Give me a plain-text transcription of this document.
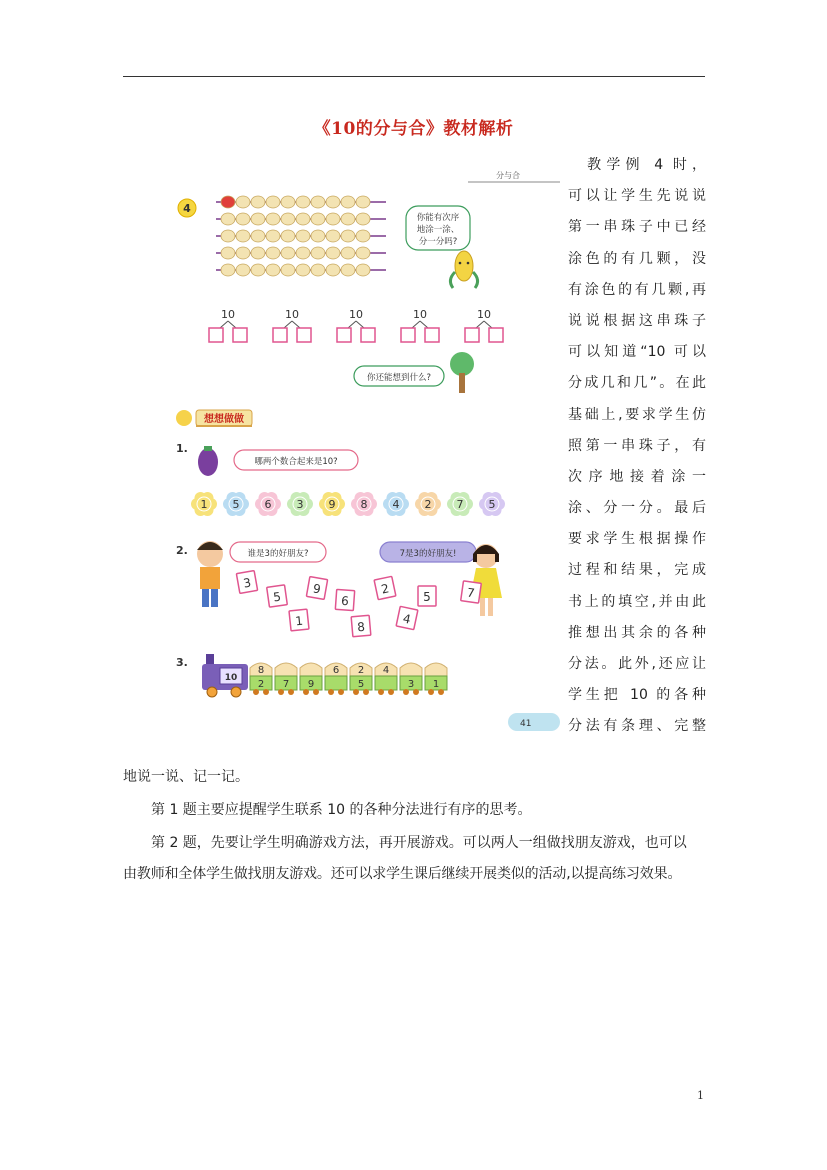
《10的分与合》教材解析
分与合
4
你能有次序
地涂一涂、
分一分吗?
10	10	10	10	10
你还能想到什么?
想想做做
1.
哪两个数合起来是10?
1 5 6 3 9 8 4 2 7 5
2.	谁是3的好朋友?	7是3的好朋友!
3
5
9
1
6
8
2
4
5	7
3.
10
8
2 7 9
6 2
5
4
3 1
41
　教学例 4 时，
可以让学生先说说
第一串珠子中已经
涂色的有几颗，没
有涂色的有几颗,再
说说根据这串珠子
可以知道“10 可以
分成几和几”。在此
基础上,要求学生仿
照第一串珠子，有
次 序 地 接 着 涂 一
涂、分一分。最后
要求学生根据操作
过程和结果，完成
书上的填空,并由此
推想出其余的各种
分法。此外,还应让
学生把 10 的各种
分法有条理、完整
地说一说、记一记。
第 1 题主要应提醒学生联系 10 的各种分法进行有序的思考。
第 2 题，先要让学生明确游戏方法，再开展游戏。可以两人一组做找朋友游戏，也可以
由教师和全体学生做找朋友游戏。还可以求学生课后继续开展类似的活动,以提高练习效果。
1
